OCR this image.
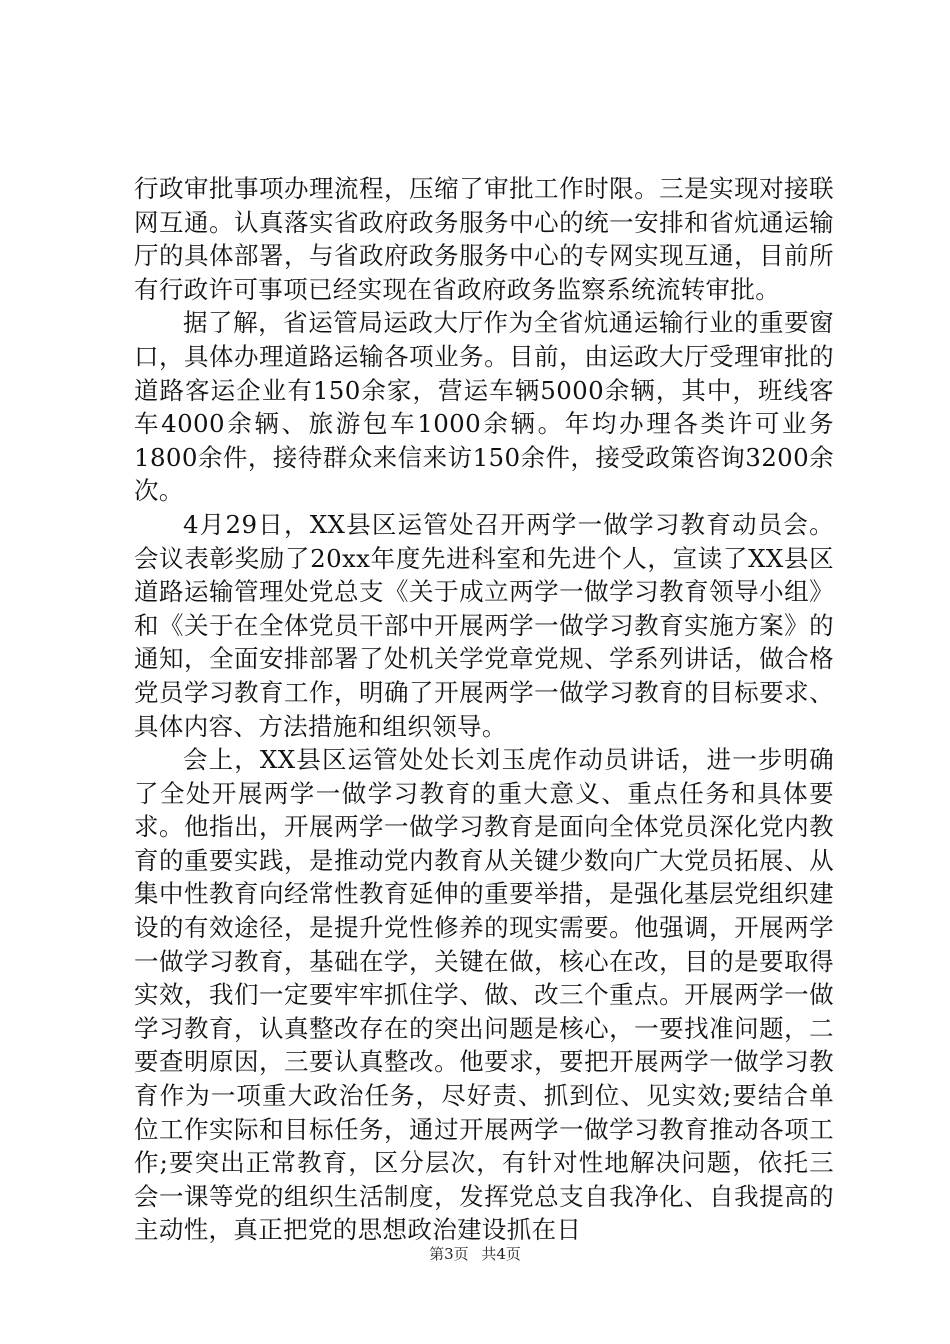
行政审批事项办理流程，压缩了审批工作时限。三是实现对接联网互通。认真落实省政府政务服务中心的统一安排和省炕通运输厅的具体部署，与省政府政务服务中心的专网实现互通，目前所有行政许可事项已经实现在省政府政务监察系统流转审批。

据了解，省运管局运政大厅作为全省炕通运输行业的重要窗口，具体办理道路运输各项业务。目前，由运政大厅受理审批的道路客运企业有150余家，营运车辆5000余辆，其中，班线客车4000余辆、旅游包车1000余辆。年均办理各类许可业务1800余件，接待群众来信来访150余件，接受政策咨询3200余次。

4月29日，XX县区运管处召开两学一做学习教育动员会。会议表彰奖励了20xx年度先进科室和先进个人，宣读了XX县区道路运输管理处党总支《关于成立两学一做学习教育领导小组》和《关于在全体党员干部中开展两学一做学习教育实施方案》的通知，全面安排部署了处机关学党章党规、学系列讲话，做合格党员学习教育工作，明确了开展两学一做学习教育的目标要求、具体内容、方法措施和组织领导。

会上，XX县区运管处处长刘玉虎作动员讲话，进一步明确了全处开展两学一做学习教育的重大意义、重点任务和具体要求。他指出，开展两学一做学习教育是面向全体党员深化党内教育的重要实践，是推动党内教育从关键少数向广大党员拓展、从集中性教育向经常性教育延伸的重要举措，是强化基层党组织建设的有效途径，是提升党性修养的现实需要。他强调，开展两学一做学习教育，基础在学，关键在做，核心在改，目的是要取得实效，我们一定要牢牢抓住学、做、改三个重点。开展两学一做学习教育，认真整改存在的突出问题是核心，一要找准问题，二要查明原因，三要认真整改。他要求，要把开展两学一做学习教育作为一项重大政治任务，尽好责、抓到位、见实效;要结合单位工作实际和目标任务，通过开展两学一做学习教育推动各项工作;要突出正常教育，区分层次，有针对性地解决问题，依托三会一课等党的组织生活制度，发挥党总支自我净化、自我提高的主动性，真正把党的思想政治建设抓在日

第3页 共4页
